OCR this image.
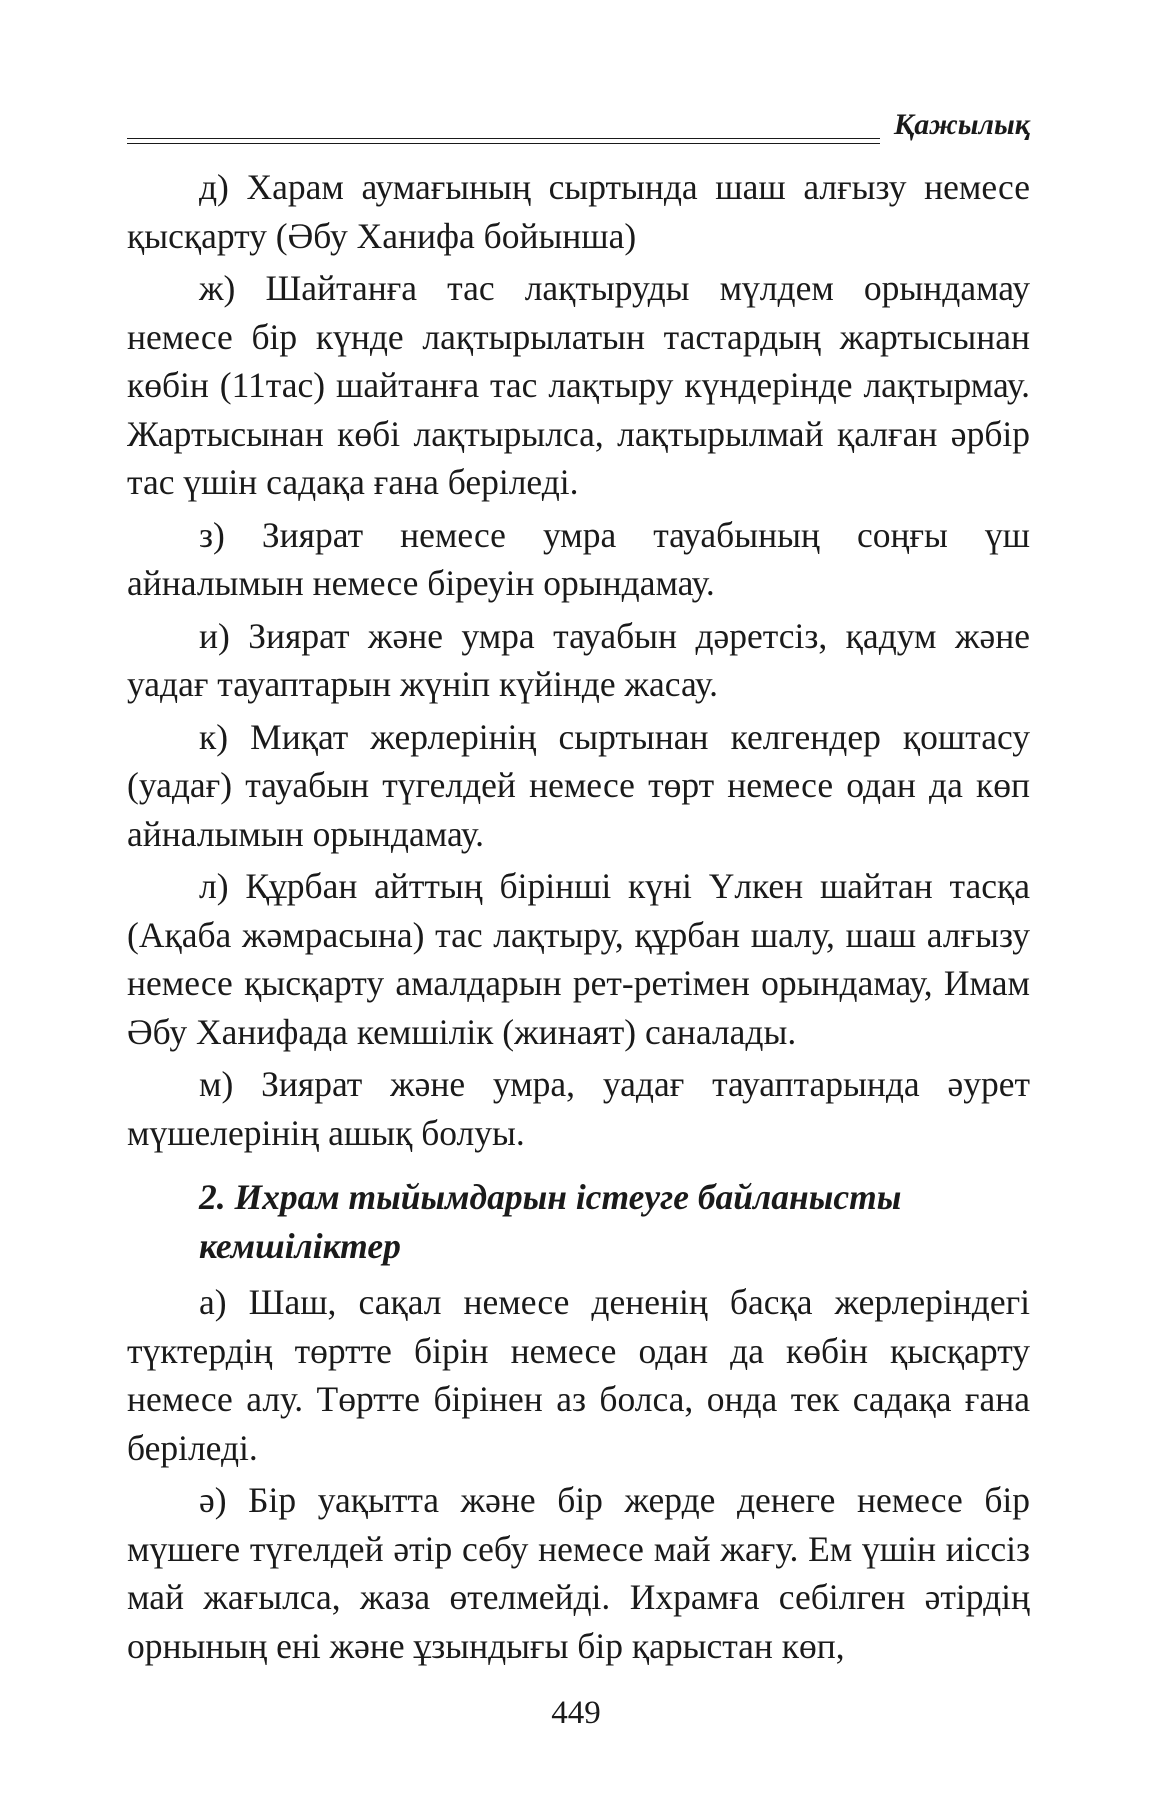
Қажылық

д) Харам аумағының сыртында шаш алғызу немесе қысқарту (Әбу Ханифа бойынша)

ж) Шайтанға тас лақтыруды мүлдем орындамау немесе бір күнде лақтырылатын тастардың жартысынан көбін (11тас) шайтанға тас лақтыру күндерінде лақтырмау. Жартысынан көбі лақтырылса, лақтырылмай қалған әрбір тас үшін садақа ғана беріледі.

з) Зиярат немесе умра тауабының соңғы үш айналымын немесе біреуін орындамау.

и) Зиярат және умра тауабын дәретсіз, қадум және уадағ тауаптарын жүніп күйінде жасау.

к) Миқат жерлерінің сыртынан келгендер қоштасу (уадағ) тауабын түгелдей немесе төрт немесе одан да көп айналымын орындамау.

л) Құрбан айттың бірінші күні Үлкен шайтан тасқа (Ақаба жәмрасына) тас лақтыру, құрбан шалу, шаш алғызу немесе қысқарту амалдарын рет-ретімен орындамау, Имам Әбу Ханифада кемшілік (жинаят) саналады.

м) Зиярат және умра, уадағ тауаптарында әурет мүшелерінің ашық болуы.

2. Ихрам тыйымдарын істеуге байланысты кемшіліктер

а) Шаш, сақал немесе дененің басқа жерлеріндегі түктердің төртте бірін немесе одан да көбін қысқарту немесе алу. Төртте бірінен аз болса, онда тек садақа ғана беріледі.

ә) Бір уақытта және бір жерде денеге немесе бір мүшеге түгелдей әтір себу немесе май жағу. Ем үшін иіссіз май жағылса, жаза өтелмейді. Ихрамға себілген әтірдің орнының ені және ұзындығы бір қарыстан көп,

449
